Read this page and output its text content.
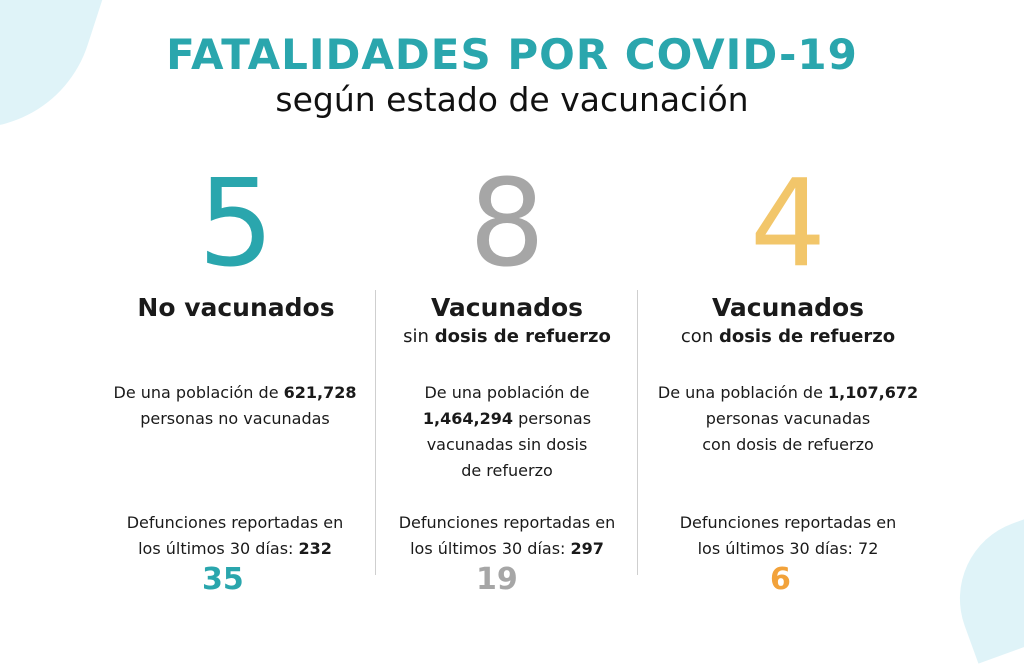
FATALIDADES POR COVID-19
según estado de vacunación
5
No vacunados
De una población de 621,728
personas no vacunadas
Defunciones reportadas en
los últimos 30 días: 232
35
8
Vacunados
sin dosis de refuerzo
De una población de
1,464,294 personas
vacunadas sin dosis
de refuerzo
Defunciones reportadas en
los últimos 30 días: 297
19
4
Vacunados
con dosis de refuerzo
De una población de 1,107,672
personas vacunadas
con dosis de refuerzo
Defunciones reportadas en
los últimos 30 días: 72
6
